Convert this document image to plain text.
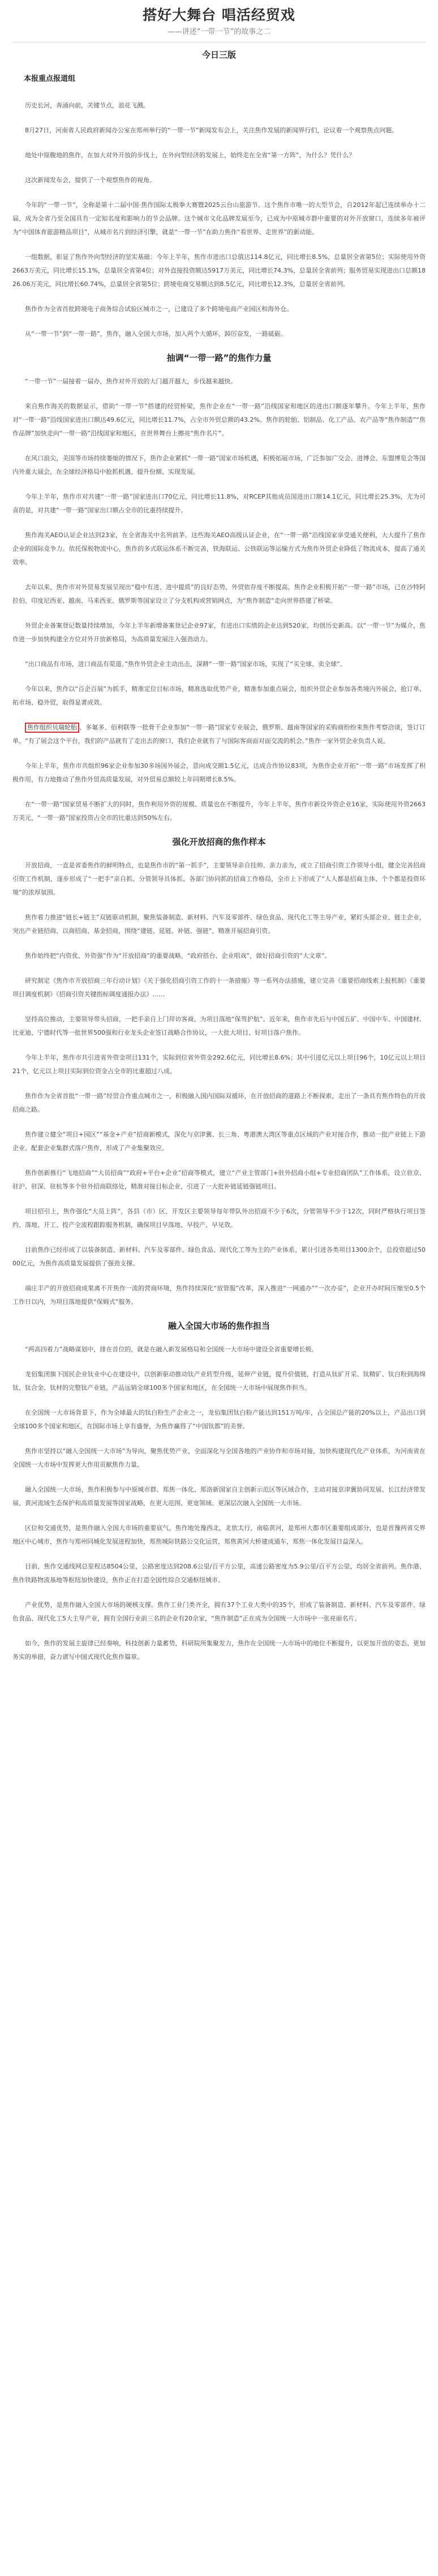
搭好大舞台 唱活经贸戏
——讲述“一带一节”的故事之二
今日三版
本报重点报道组

历史长河，奔涌向前，关键节点，浪花飞溅。

8月27日，河南省人民政府新闻办公室在郑州举行的“一带一节”新闻发布会上，关注焦作发展的新闻界行们，论议着一个观察焦点问题。

地处中原腹地的焦作，在加大对外开放的步伐上，在外向型经济的发展上，始终走在全省“第一方阵”，为什么？凭什么？

这次新闻发布会，提供了一个观察焦作的视角。

今年的“一带一节”，全称是第十二届中国·焦作国际太极拳大赛暨2025云台山旅游节。这个焦作市唯一的大型节会，自2012年起已连续举办十二届，成为全省乃至全国具有一定知名度和影响力的节会品牌。这个城市文化品牌发展至今，已成为中原城市群中重要的对外开放窗口，连续多年被评为“中国体育旅游精品项目”，从城市名片到经济引擎，就是“一带一节”在助力焦作“看世界、走世界”的新动能。

一组数据，彰显了焦作外向型经济的坚实基础：今年上半年，焦作市进出口总值达114.8亿元，同比增长8.5%，总量居全省第5位；实际使用外资2663万美元，同比增长15.1%，总量居全省第4位；对外直接投资额达5917万美元，同比增长74.3%，总量居全省前列；服务贸易实现进出口总额1826.06万美元，同比增长60.74%，总量居全省第5位；跨境电商交易额达到8.5亿元，同比增长12.3%，总量居全省前列。

焦作作为全省首批跨境电子商务综合试验区城市之一，已建设了多个跨境电商产业园区和海外仓。

从“一带一节”到“一带一路”，焦作，融入全国大市场，加入两个大循环，踔厉奋发，一路砥砺。

抽调“一带一路”的焦作力量

“一带一节”一届接着一届办，焦作对外开放的大门越开越大，步伐越来越快。

来自焦作海关的数据显示，借助“一带一节”搭建的经贸桥梁，焦作企业在“一带一路”沿线国家和地区的进出口额逐年攀升。今年上半年，焦作对“一带一路”沿线国家进出口额达49.6亿元，同比增长11.7%，占全市外贸总额的43.2%。焦作的轮胎、铝制品、化工产品、农产品等“焦作制造”“焦作品牌”加快走向“一带一路”沿线国家和地区，在世界舞台上擦亮“焦作名片”。

在风口浪尖，美国等市场持续萎缩的情况下，焦作企业紧抓“一带一路”国家市场机遇，积极拓展市场，广泛参加广交会、进博会、东盟博览会等国内外重大展会，在全球经济格局中抢抓机遇、提升份额、实现发展。

今年上半年，焦作市对共建“一带一路”国家进出口70亿元，同比增长11.8%，对RCEP其他成员国进出口额14.1亿元，同比增长25.3%，尤为可喜的是，对共建“一带一路”国家出口额占全市的比重持续提升。

焦作海关AEO认证企业达到23家，在全省海关中名列前茅。这些海关AEO高级认证企业，在“一带一路”沿线国家享受通关便利，大大提升了焦作企业的国际竞争力。依托保税物流中心，焦作的多式联运体系不断完善，铁海联运、公铁联运等运输方式为焦作外贸企业降低了物流成本，提高了通关效率。

去年以来，焦作市对外贸易发展呈现出“稳中有进、进中提质”的良好态势，外贸依存度不断提高。焦作企业积极开拓“一带一路”市场，已在沙特阿拉伯、印度尼西亚、越南、马来西亚、俄罗斯等国家设立了分支机构或营销网点，为“焦作制造”走向世界搭建了桥梁。

外贸企业备案登记数量持续增加，今年上半年新增备案登记企业97家，有进出口实绩的企业达到520家，均创历史新高。以“一带一节”为媒介，焦作进一步加快构建全方位对外开放新格局，为高质量发展注入强劲动力。

“出口商品有市场，进口商品有渠道。”焦作外贸企业主动出击，深耕“一带一路”国家市场，实现了“买全球、卖全球”。

今年以来，焦作以“百企百展”为抓手，精准定位目标市场，精准选取优势产业，精准参加重点展会，组织外贸企业参加各类境内外展会，抢订单、拓市场、稳外贸，取得显著成效。

焦作组织贝瑞轮胎 、多氟多、佰利联等一批骨干企业参加“一带一路”国家专业展会，俄罗斯、越南等国家的采购商纷纷来焦作考察洽谈，签订订单。“有了展会这个平台，我们的产品就有了走出去的窗口，我们企业就有了与国际客商面对面交流的机会。”焦作一家外贸企业负责人说。

今年上半年，焦作市共组织96家企业参加30多场国外展会，意向成交额1.5亿元，达成合作协议83项，为焦作企业开拓“一带一路”市场发挥了积极作用，有力地推动了焦作外贸高质量发展，对外贸易总额较上年同期增长8.5%。

在“一带一路”国家贸易不断扩大的同时，焦作利用外资的规模、质量也在不断提升，今年上半年，焦作市新设外资企业16家，实际使用外资2663万美元，“一带一路”国家投资占全市的比重达到50%左右。

强化开放招商的焦作样本

开放招商，一直是省委焦作的鲜明特点，也是焦作市的“第一抓手”，主要领导亲自挂帅、亲力亲为，成立了招商引资工作领导小组，健全完善招商引资工作机制，逐步形成了“一把手”亲自抓、分管领导具体抓、各部门协同抓的招商工作格局，全市上下形成了“人人都是招商主体、个个都是投资环境”的浓厚氛围。

焦作着力推进“链长+链主”双链驱动机制，聚焦装备制造、新材料、汽车及零部件、绿色食品、现代化工等主导产业，紧盯头部企业、链主企业，突出产业链招商、以商招商、基金招商，围绕“建链、延链、补链、强链”，精准开展招商引资。

焦作始终把“内资优、外资强”作为“开放招商”的重要战略，“政府搭台、企业唱戏”，做好招商引资的“大文章”。

研究制定《焦作市开放招商三年行动计划》《关于强化招商引资工作的十一条措施》等一系列办法措施，建立完善《重要招商线索上报机制》《重要项目调度机制》《招商引资关键指标调度通报办法》……

坚持高位推动，主要领导带头招商，一把手亲自上门拜访客商，为项目落地“保驾护航”。近年来，焦作市先后与中国五矿、中国中车、中国建材、比亚迪、宁德时代等一批世界500强和行业龙头企业签订战略合作协议，一大批大项目、好项目落户焦作。

今年上半年，焦作市共引进省外资金项目131个，实际到位省外资金292.6亿元，同比增长8.6%；其中引进亿元以上项目96个，10亿元以上项目21个，亿元以上项目实际到位资金占全市的比重超过八成。

焦作作为全省首批“一带一路”经贸合作重点城市之一，积极融入国内国际双循环，在开放招商的道路上不断探索，走出了一条具有焦作特色的开放招商之路。

焦作建立健全“项目+园区”“基金+产业”招商新模式，深化与京津冀、长三角、粤港澳大湾区等重点区域的产业对接合作，推动一批产业链上下游企业、配套企业集群式落户焦作，形成了产业集聚效应。

焦作创新推行“飞地招商”“大员招商”“政府+平台+企业”招商等模式，建立“产业主管部门+驻外招商小组+专业招商团队”工作体系，设立驻京、驻沪、驻深、驻杭等多个驻外招商联络处，精准对接目标企业，引进了一大批补链延链强链项目。

项目招引上，焦作强化“大员上阵”，各县（市）区、开发区主要领导每年带队外出招商不少于6次，分管领导不少于12次，同时严格执行项目签约、落地、开工、投产全流程跟踪服务机制，确保项目早落地、早投产、早见效。

目前焦作已经形成了以装备制造、新材料、汽车及零部件、绿色食品、现代化工等为主的产业体系，累计引进各类项目1300余个，总投资超过5000亿元，为焦作高质量发展提供了强劲支撑。

端庄丰产的开放招商成果离不开焦作一流的营商环境，焦作持续深化“放管服”改革，深入推进“一网通办”“一次办妥”，企业开办时间压缩至0.5个工作日以内，为项目落地提供“保姆式”服务。

融入全国大市场的焦作担当

“两高四着力”战略谋划中，排在首位的，就是在融入新发展格局和全国统一大市场中建设全省重要增长极。

龙佰集团旗下国民企业钛业中心在建设中，以创新驱动推动钛产业转型升级，延伸产业链，提升价值链，打造从钛矿开采、钛精矿、钛白粉到海绵钛、钛合金、钛材的完整钛产业链，产品远销全球100多个国家和地区，在全国统一大市场中展现焦作担当。

在全国统一大市场背景下，作为全球最大的钛白粉生产企业之一，龙佰集团钛白粉产能达到151万吨/年，占全国总产能的20%以上，产品出口到全球100多个国家和地区，在国际市场上享有盛誉，为焦作赢得了“中国钛都”的美誉。

焦作市坚持以“融入全国统一大市场”为导向，聚焦优势产业，全面深化与全国各地的产业协作和市场对接，加快构建现代化产业体系，为河南省在全国统一大市场中发挥更大作用贡献焦作力量。

融入全国统一大市场，焦作积极参与中原城市群、郑焦一体化、郑洛新国家自主创新示范区等区域合作，主动对接京津冀协同发展、长江经济带发展、黄河流域生态保护和高质量发展等国家战略，在更大范围、更宽领域、更深层次融入全国统一大市场。

区位和交通优势，是焦作融入全国大市场的重要底气。焦作地处豫西北，北依太行，南临黄河，是郑州大都市区重要组成部分，也是晋豫两省交界地区中心城市，焦作与郑州同城化发展进程加快，郑焦城际铁路公交化运营，郑焦黄河大桥建成通车，郑焦一体化发展日益深入。

目前，焦作交通线网总里程达8504公里，公路密度达到208.6公里/百平方公里，高速公路密度为5.9公里/百平方公里，均居全省前列。焦作港、焦作铁路物流基地等枢纽加快建设，焦作正在打造全国性综合交通枢纽城市。

产业优势，是焦作融入全国大市场的硬核支撑。焦作工业门类齐全，拥有37个工业大类中的35个，形成了装备制造、新材料、汽车及零部件、绿色食品、现代化工5大主导产业，拥有全国行业前三名的企业有20余家，“焦作制造”正在成为全国统一大市场中一张亮丽名片。

如今，焦作的发展主旋律已经奏响，科技创新力量蓄势，科研院所集聚发力，焦作在全国统一大市场中的地位不断提升，以更加开放的姿态、更加务实的举措，奋力谱写中国式现代化焦作篇章。
